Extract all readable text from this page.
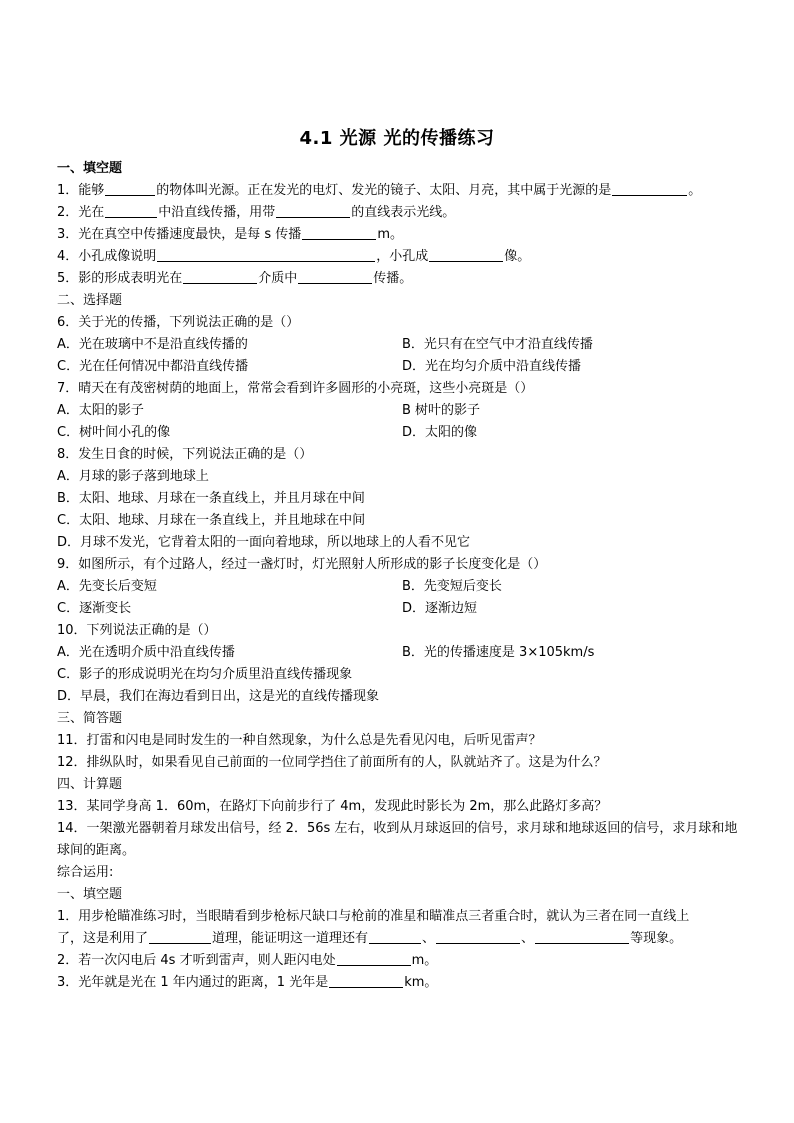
4.1 光源 光的传播练习
一、填空题
1．能够	的物体叫光源。正在发光的电灯、发光的镜子、太阳、月亮，其中属于光源的是	。
2．光在	中沿直线传播，用带	的直线表示光线。
3．光在真空中传播速度最快，是每 s 传播	m。
4．小孔成像说明	，小孔成	像。
5．影的形成表明光在	介质中	传播。
二、选择题
6．关于光的传播，下列说法正确的是（）
A．光在玻璃中不是沿直线传播的	B．光只有在空气中才沿直线传播
C．光在任何情况中都沿直线传播	D．光在均匀介质中沿直线传播
7．晴天在有茂密树荫的地面上，常常会看到许多圆形的小亮斑，这些小亮斑是（）
A．太阳的影子	B 树叶的影子
C．树叶间小孔的像	D．太阳的像
8．发生日食的时候，下列说法正确的是（）
A．月球的影子落到地球上
B．太阳、地球、月球在一条直线上，并且月球在中间
C．太阳、地球、月球在一条直线上，并且地球在中间
D．月球不发光，它背着太阳的一面向着地球，所以地球上的人看不见它
9．如图所示，有个过路人，经过一盏灯时，灯光照射人所形成的影子长度变化是（）
A．先变长后变短	B．先变短后变长
C．逐渐变长	D．逐渐边短
10．下列说法正确的是（）
A．光在透明介质中沿直线传播	B．光的传播速度是 3×105km/s
C．影子的形成说明光在均匀介质里沿直线传播现象
D．早晨，我们在海边看到日出，这是光的直线传播现象
三、简答题
11．打雷和闪电是同时发生的一种自然现象，为什么总是先看见闪电，后听见雷声？
12．排纵队时，如果看见自己前面的一位同学挡住了前面所有的人，队就站齐了。这是为什么？
四、计算题
13．某同学身高 1．60m，在路灯下向前步行了 4m，发现此时影长为 2m，那么此路灯多高？
14．一架激光器朝着月球发出信号，经 2．56s 左右，收到从月球返回的信号，求月球和地球返回的信号，求月球和地球间的距离。
综合运用:
一、填空题
1．用步枪瞄准练习时，当眼睛看到步枪标尺缺口与枪前的准星和瞄准点三者重合时，就认为三者在同一直线上
了，这是利用了	道理，能证明这一道理还有	、	、	等现象。
2．若一次闪电后 4s 才听到雷声，则人距闪电处	m。
3．光年就是光在 1 年内通过的距离，1 光年是	km。
